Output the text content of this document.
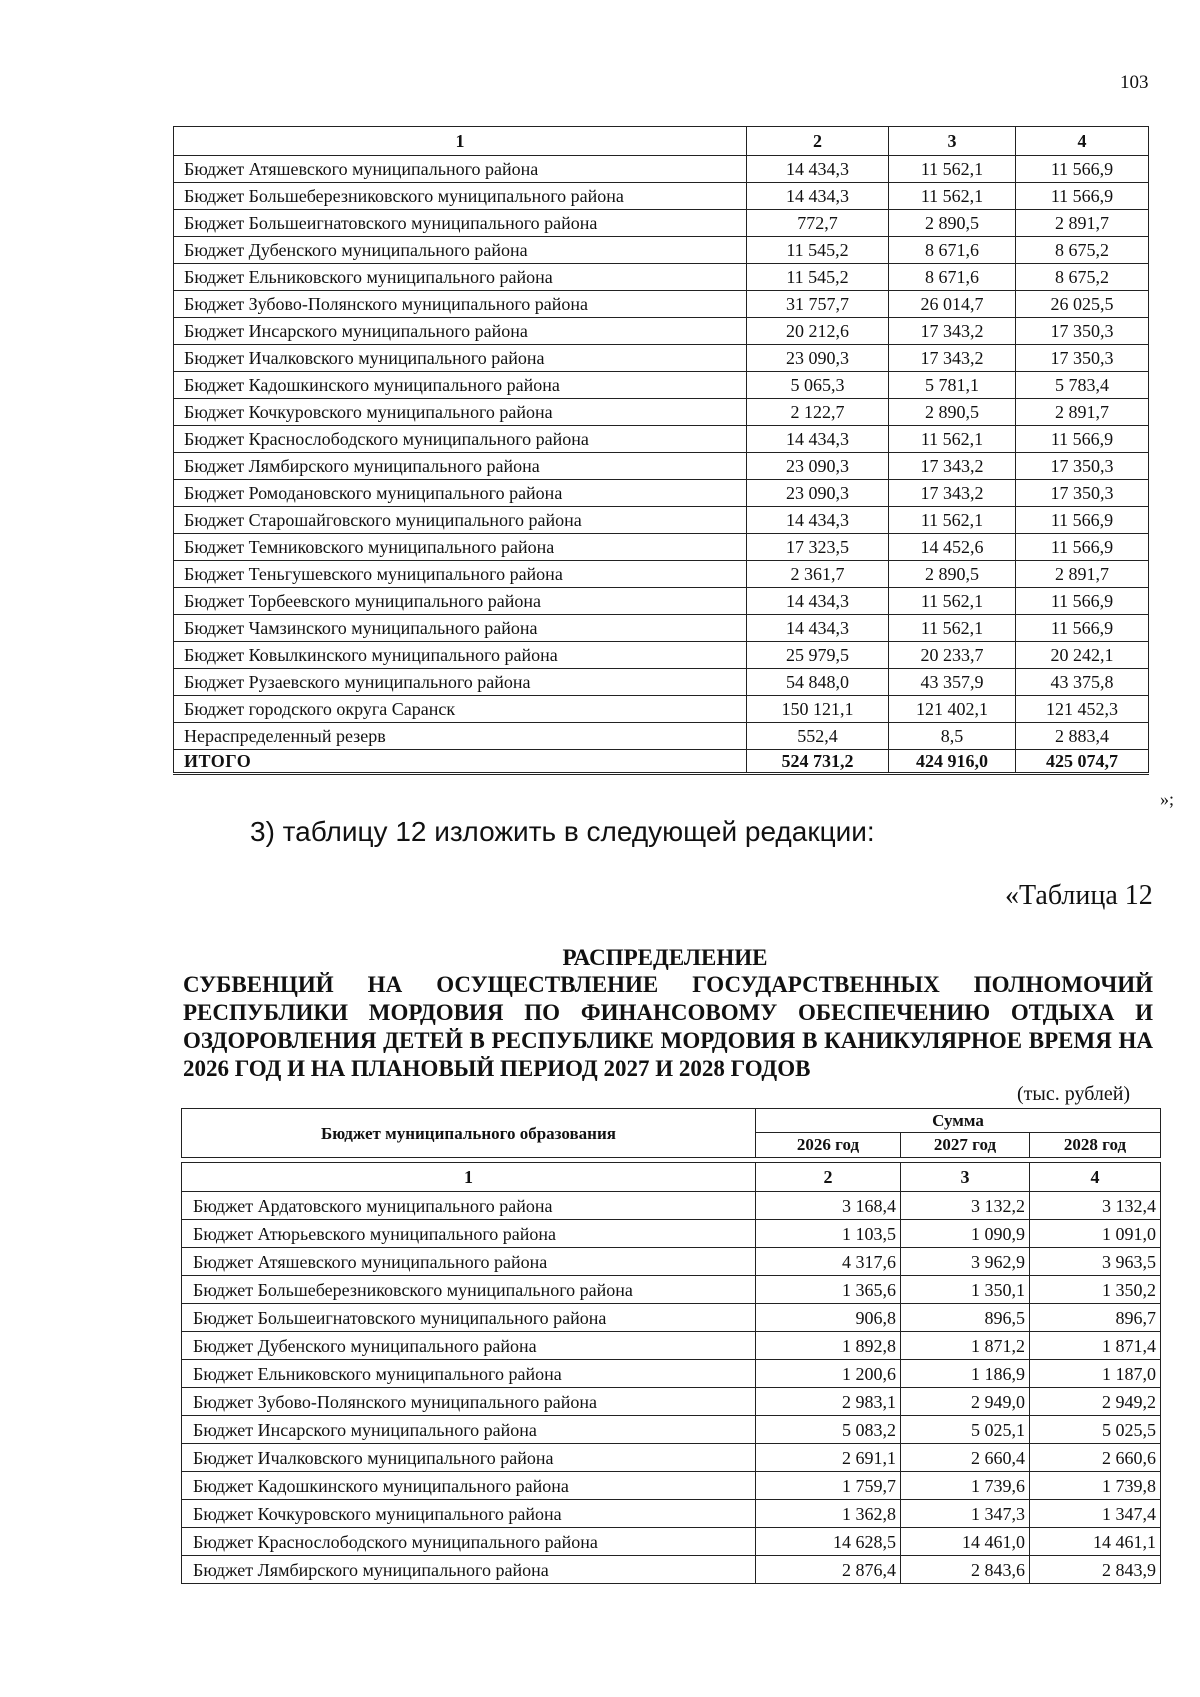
103
1	2	3	4
Бюджет Атяшевского муниципального района	14 434,3	11 562,1	11 566,9
Бюджет Большеберезниковского муниципального района	14 434,3	11 562,1	11 566,9
Бюджет Большеигнатовского муниципального района	772,7	2 890,5	2 891,7
Бюджет Дубенского муниципального района	11 545,2	8 671,6	8 675,2
Бюджет Ельниковского муниципального района	11 545,2	8 671,6	8 675,2
Бюджет Зубово-Полянского муниципального района	31 757,7	26 014,7	26 025,5
Бюджет Инсарского муниципального района	20 212,6	17 343,2	17 350,3
Бюджет Ичалковского муниципального района	23 090,3	17 343,2	17 350,3
Бюджет Кадошкинского муниципального района	5 065,3	5 781,1	5 783,4
Бюджет Кочкуровского муниципального района	2 122,7	2 890,5	2 891,7
Бюджет Краснослободского муниципального района	14 434,3	11 562,1	11 566,9
Бюджет Лямбирского муниципального района	23 090,3	17 343,2	17 350,3
Бюджет Ромодановского муниципального района	23 090,3	17 343,2	17 350,3
Бюджет Старошайговского муниципального района	14 434,3	11 562,1	11 566,9
Бюджет Темниковского муниципального района	17 323,5	14 452,6	11 566,9
Бюджет Теньгушевского муниципального района	2 361,7	2 890,5	2 891,7
Бюджет Торбеевского муниципального района	14 434,3	11 562,1	11 566,9
Бюджет Чамзинского муниципального района	14 434,3	11 562,1	11 566,9
Бюджет Ковылкинского муниципального района	25 979,5	20 233,7	20 242,1
Бюджет Рузаевского муниципального района	54 848,0	43 357,9	43 375,8
Бюджет городского округа Саранск	150 121,1	121 402,1	121 452,3
Нераспределенный резерв	552,4	8,5	2 883,4
ИТОГО	524 731,2	424 916,0	425 074,7
»;
3) таблицу 12 изложить в следующей редакции:
«Таблица 12
РАСПРЕДЕЛЕНИЕ
СУБВЕНЦИЙ НА ОСУЩЕСТВЛЕНИЕ ГОСУДАРСТВЕННЫХ ПОЛНОМОЧИЙ РЕСПУБЛИКИ МОРДОВИЯ ПО ФИНАНСОВОМУ ОБЕСПЕЧЕНИЮ ОТДЫХА И ОЗДОРОВЛЕНИЯ ДЕТЕЙ В РЕСПУБЛИКЕ МОРДОВИЯ В КАНИКУЛЯРНОЕ ВРЕМЯ НА 2026 ГОД И НА ПЛАНОВЫЙ ПЕРИОД 2027 И 2028 ГОДОВ
(тыс. рублей)
Бюджет муниципального образования	Сумма		
	2026 год	2027 год	2028 год
1	2	3	4
Бюджет Ардатовского муниципального района	3 168,4	3 132,2	3 132,4
Бюджет Атюрьевского муниципального района	1 103,5	1 090,9	1 091,0
Бюджет Атяшевского муниципального района	4 317,6	3 962,9	3 963,5
Бюджет Большеберезниковского муниципального района	1 365,6	1 350,1	1 350,2
Бюджет Большеигнатовского муниципального района	906,8	896,5	896,7
Бюджет Дубенского муниципального района	1 892,8	1 871,2	1 871,4
Бюджет Ельниковского муниципального района	1 200,6	1 186,9	1 187,0
Бюджет Зубово-Полянского муниципального района	2 983,1	2 949,0	2 949,2
Бюджет Инсарского муниципального района	5 083,2	5 025,1	5 025,5
Бюджет Ичалковского муниципального района	2 691,1	2 660,4	2 660,6
Бюджет Кадошкинского муниципального района	1 759,7	1 739,6	1 739,8
Бюджет Кочкуровского муниципального района	1 362,8	1 347,3	1 347,4
Бюджет Краснослободского муниципального района	14 628,5	14 461,0	14 461,1
Бюджет Лямбирского муниципального района	2 876,4	2 843,6	2 843,9
